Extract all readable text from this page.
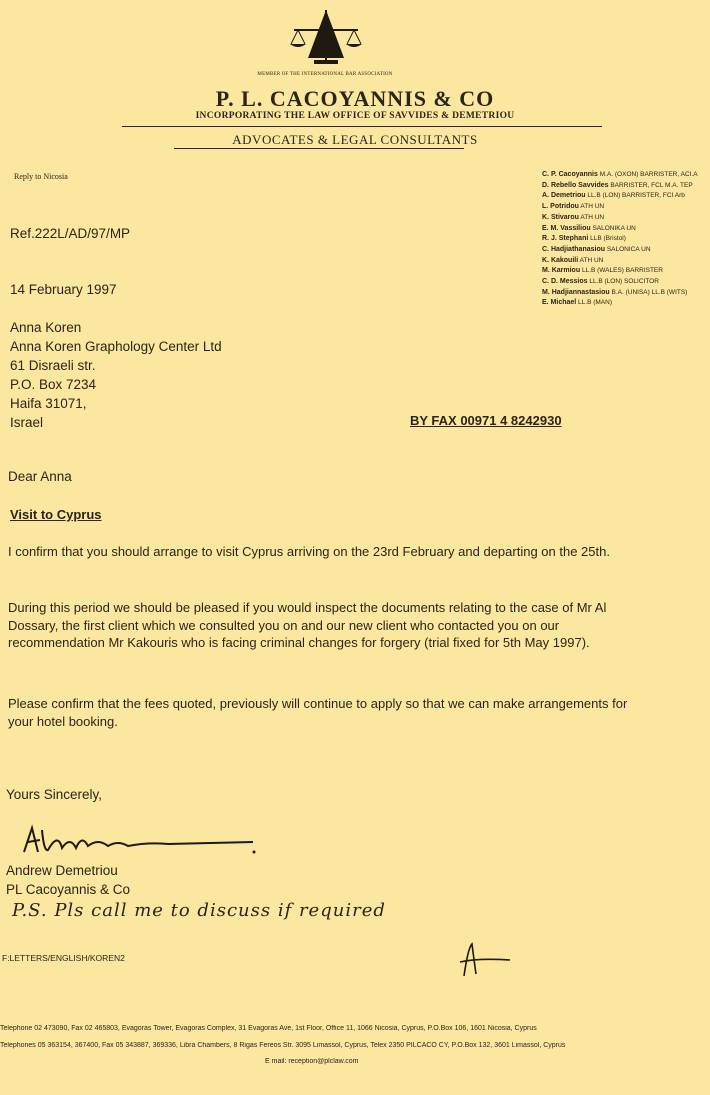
MEMBER OF THE INTERNATIONAL BAR ASSOCIATION
P. L. CACOYANNIS & CO
INCORPORATING THE LAW OFFICE OF SAVVIDES & DEMETRIOU
ADVOCATES & LEGAL CONSULTANTS
Reply to Nicosia	C. P. Cacoyannis M.A. (OXON) BARRISTER, ACI.A
D. Rebello Savvides BARRISTER, FCL M.A. TEP
A. Demetriou LL.B (LON) BARRISTER, FCI Arb
L. Potridou ATH UN
K. Stivarou ATH UN
E. M. Vassiliou SALONIKA UN
R. J. Stephani LLB (Bristol)
C. Hadjiathanasiou SALONICA UN
K. Kakouili ATH UN
M. Karmiou LL.B (WALES) BARRISTER
C. D. Messios LL.B (LON) SOLICITOR
M. Hadjiannastasiou B.A. (UNISA) LL.B (WITS)
E. Michael LL.B (MAN)
Ref.222L/AD/97/MP
14 February 1997
Anna Koren
Anna Koren Graphology Center Ltd
61 Disraeli str.
P.O. Box 7234
Haifa 31071,
Israel	BY FAX 00971 4 8242930
Dear Anna
Visit to Cyprus
I confirm that you should arrange to visit Cyprus arriving on the 23rd February and departing on the 25th.
During this period we should be pleased if you would inspect the documents relating to the case of Mr Al Dossary, the first client which we consulted you on and our new client who contacted you on our recommendation Mr Kakouris who is facing criminal changes for forgery (trial fixed for 5th May 1997).
Please confirm that the fees quoted, previously will continue to apply so that we can make arrangements for your hotel booking.
Yours Sincerely,
Andrew Demetriou
PL Cacoyannis & Co
P.S. Pls call me to discuss if required
F:LETTERS/ENGLISH/KOREN2
Telephone 02 473090, Fax 02 465803, Evagoras Tower, Evagoras Complex, 31 Evagoras Ave, 1st Floor, Office 11, 1066 Nicosia, Cyprus, P.O.Box 106, 1601 Nicosia, Cyprus
Telephones 05 363154, 367400, Fax 05 343887, 369336, Libra Chambers, 8 Rigas Fereos Str. 3095 Limassol, Cyprus, Telex 2350 PILCACO CY, P.O.Box 132, 3601 Limassol, Cyprus
E mail: reception@plclaw.com
